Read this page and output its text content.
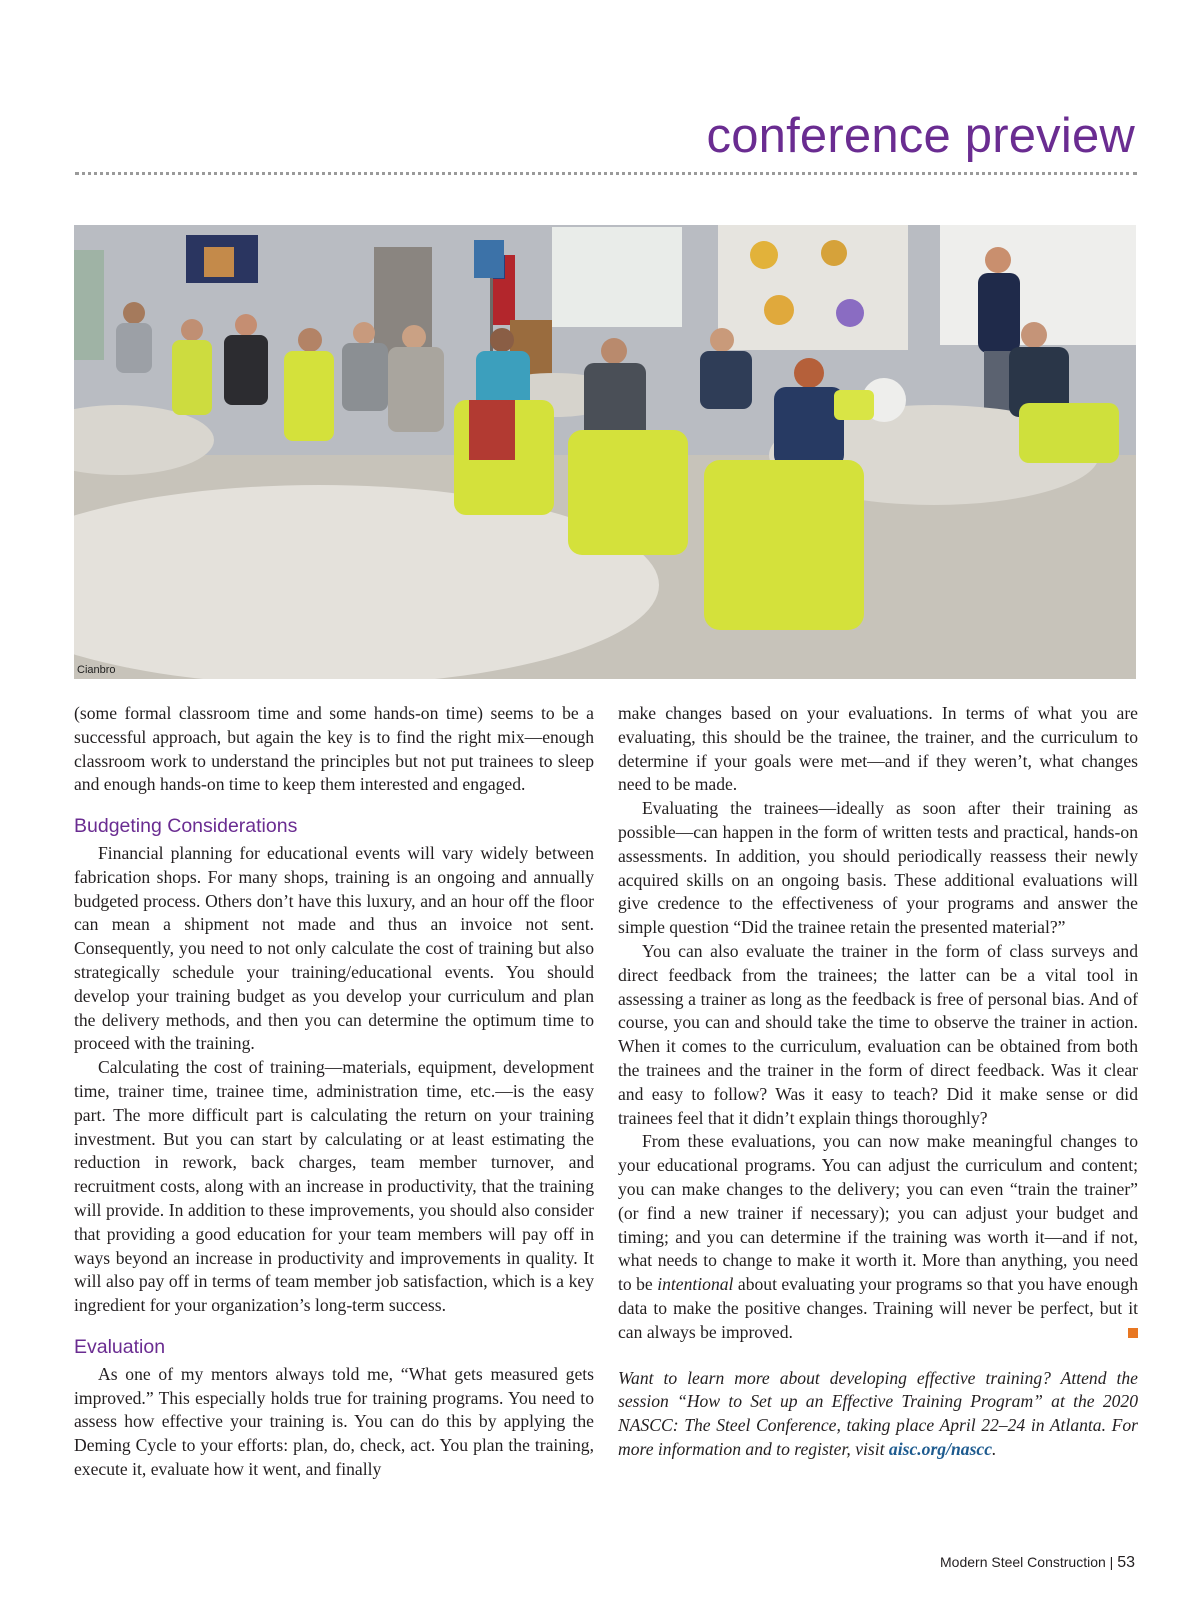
conference preview
Cianbro

(some formal classroom time and some hands-on time) seems to be a successful approach, but again the key is to find the right mix—enough classroom work to understand the principles but not put trainees to sleep and enough hands-on time to keep them interested and engaged.

Budgeting Considerations

Financial planning for educational events will vary widely between fabrication shops. For many shops, training is an ongoing and annually budgeted process. Others don’t have this luxury, and an hour off the floor can mean a shipment not made and thus an invoice not sent. Consequently, you need to not only calculate the cost of training but also strategically schedule your training/educational events. You should develop your training budget as you develop your curriculum and plan the delivery methods, and then you can determine the optimum time to proceed with the training.

Calculating the cost of training—materials, equipment, development time, trainer time, trainee time, administration time, etc.—is the easy part. The more difficult part is calculating the return on your training investment. But you can start by calculating or at least estimating the reduction in rework, back charges, team member turnover, and recruitment costs, along with an increase in productivity, that the training will provide. In addition to these improvements, you should also consider that providing a good education for your team members will pay off in ways beyond an increase in productivity and improvements in quality. It will also pay off in terms of team member job satisfaction, which is a key ingredient for your organization’s long-term success.

Evaluation

As one of my mentors always told me, “What gets measured gets improved.” This especially holds true for training programs. You need to assess how effective your training is. You can do this by applying the Deming Cycle to your efforts: plan, do, check, act. You plan the training, execute it, evaluate how it went, and finally

make changes based on your evaluations. In terms of what you are evaluating, this should be the trainee, the trainer, and the curriculum to determine if your goals were met—and if they weren’t, what changes need to be made.

Evaluating the trainees—ideally as soon after their training as possible—can happen in the form of written tests and practical, hands-on assessments. In addition, you should periodically reassess their newly acquired skills on an ongoing basis. These additional evaluations will give credence to the effectiveness of your programs and answer the simple question “Did the trainee retain the presented material?”

You can also evaluate the trainer in the form of class surveys and direct feedback from the trainees; the latter can be a vital tool in assessing a trainer as long as the feedback is free of personal bias. And of course, you can and should take the time to observe the trainer in action. When it comes to the curriculum, evaluation can be obtained from both the trainees and the trainer in the form of direct feedback. Was it clear and easy to follow? Was it easy to teach? Did it make sense or did trainees feel that it didn’t explain things thoroughly?

From these evaluations, you can now make meaningful changes to your educational programs. You can adjust the curriculum and content; you can make changes to the delivery; you can even “train the trainer” (or find a new trainer if necessary); you can adjust your budget and timing; and you can determine if the training was worth it—and if not, what needs to change to make it worth it. More than anything, you need to be intentional about evaluating your programs so that you have enough data to make the positive changes. Training will never be perfect, but it can always be improved.

Want to learn more about developing effective training? Attend the session “How to Set up an Effective Training Program” at the 2020 NASCC: The Steel Conference, taking place April 22–24 in Atlanta. For more information and to register, visit aisc.org/nascc.

Modern Steel Construction | 53
